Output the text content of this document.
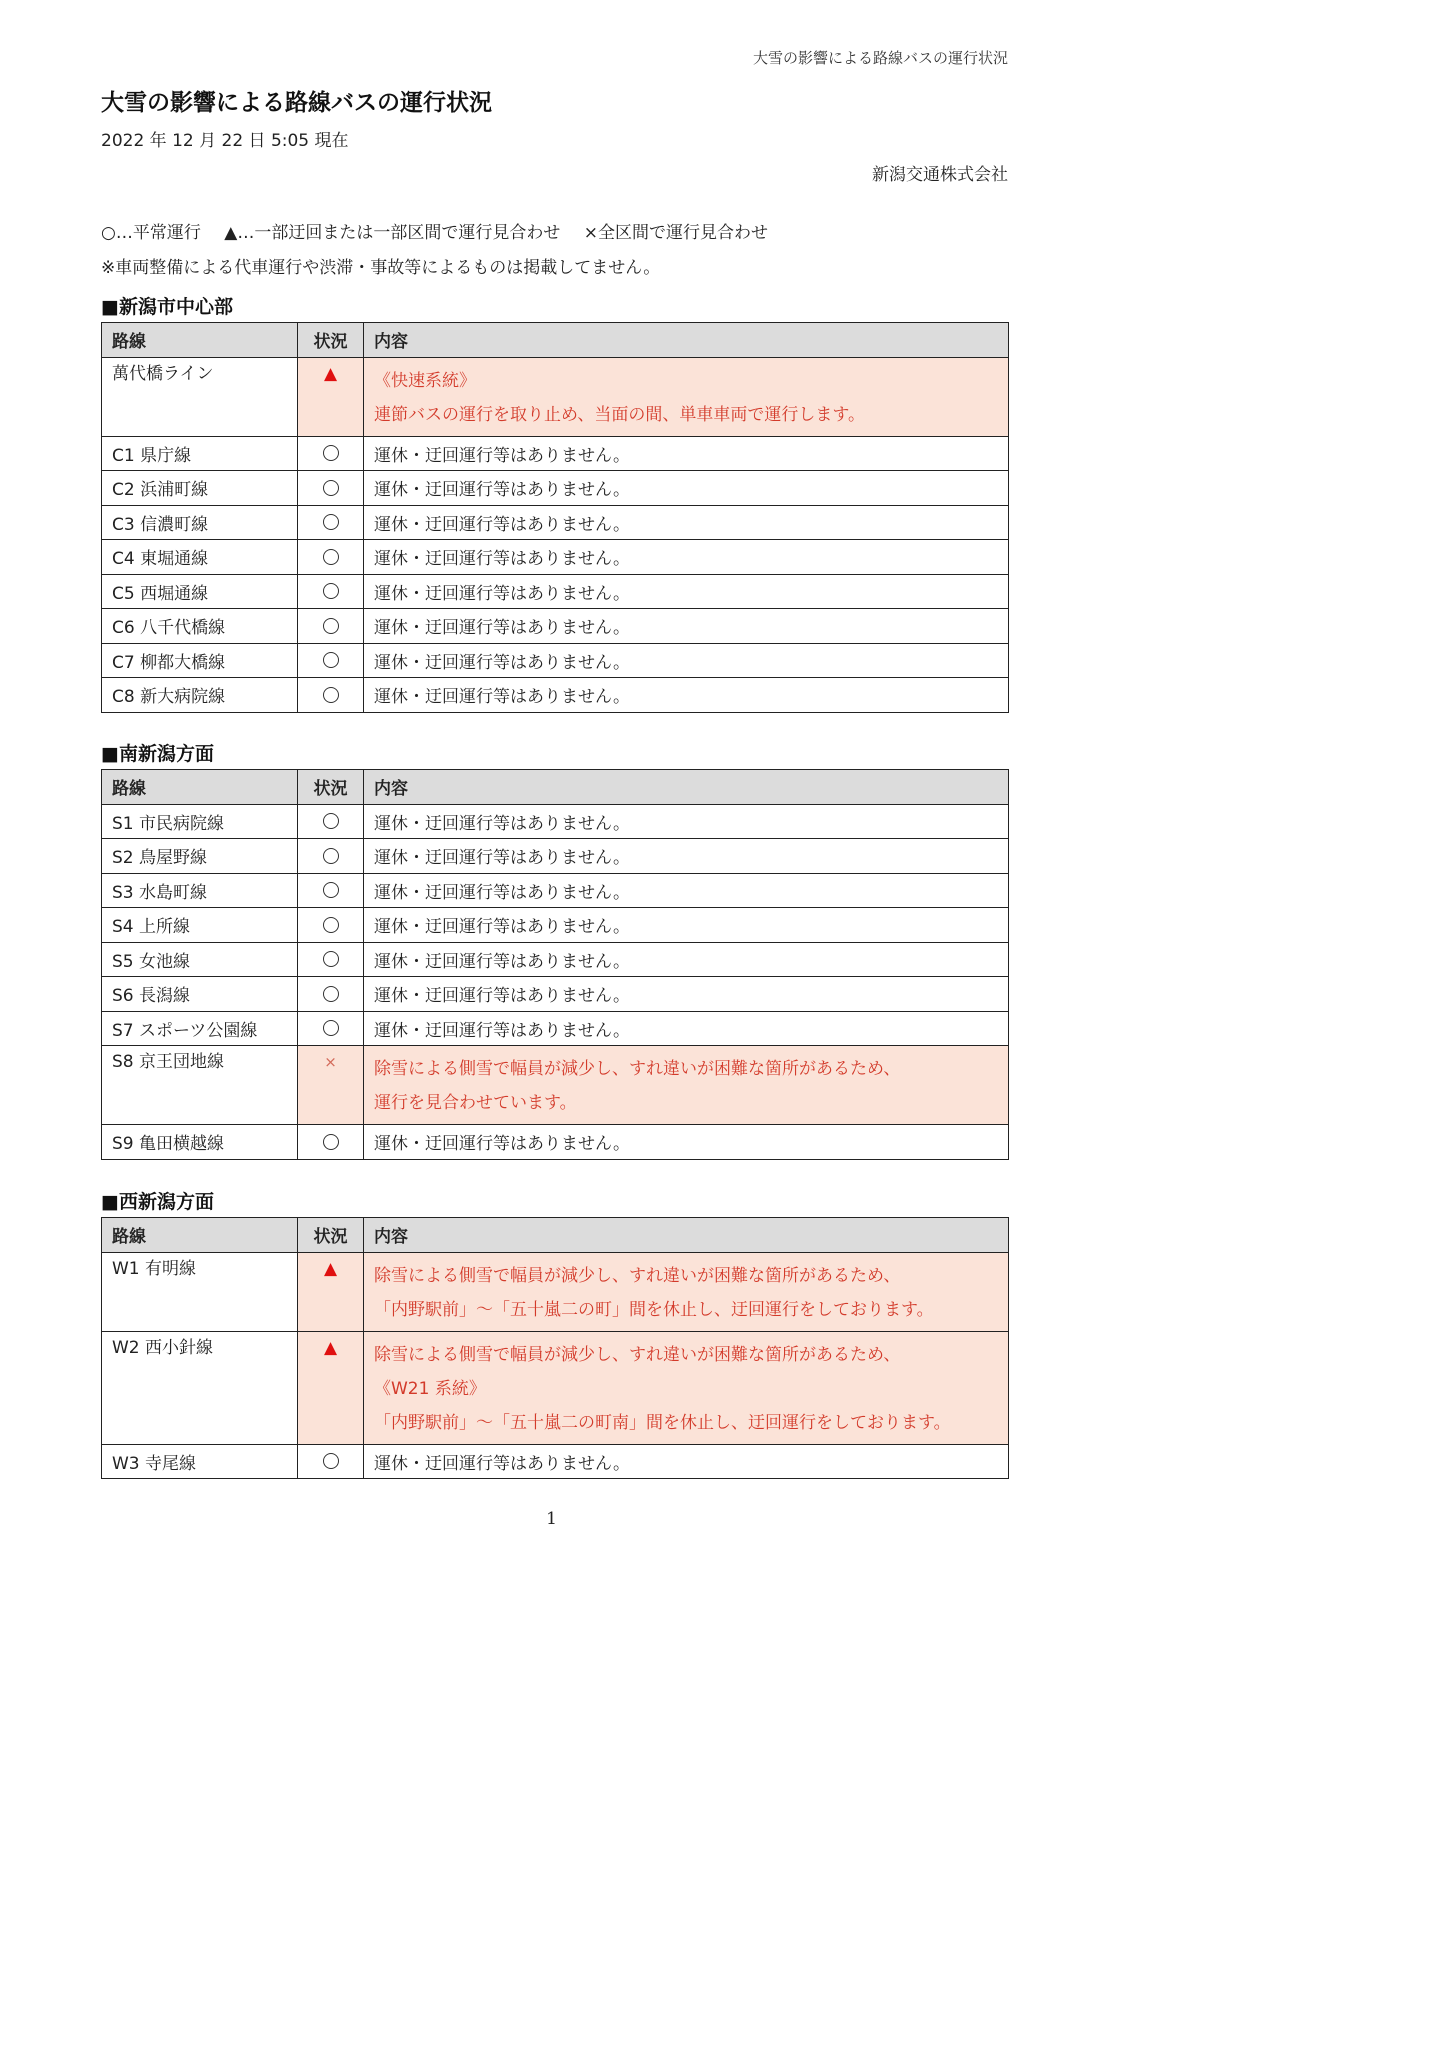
大雪の影響による路線バスの運行状況
大雪の影響による路線バスの運行状況
2022 年 12 月 22 日 5:05 現在
新潟交通株式会社
○…平常運行 ▲…一部迂回または一部区間で運行見合わせ ×全区間で運行見合わせ
※車両整備による代車運行や渋滞・事故等によるものは掲載してません。
■新潟市中心部
路線	状況	内容
萬代橋ライン	▲	《快速系統》
連節バスの運行を取り止め、当面の間、単車車両で運行します。

C1 県庁線		運休・迂回運行等はありません。

C2 浜浦町線		運休・迂回運行等はありません。

C3 信濃町線		運休・迂回運行等はありません。

C4 東堀通線		運休・迂回運行等はありません。

C5 西堀通線		運休・迂回運行等はありません。

C6 八千代橋線		運休・迂回運行等はありません。

C7 柳都大橋線		運休・迂回運行等はありません。

C8 新大病院線		運休・迂回運行等はありません。
■南新潟方面
路線	状況	内容
S1 市民病院線		運休・迂回運行等はありません。

S2 鳥屋野線		運休・迂回運行等はありません。

S3 水島町線		運休・迂回運行等はありません。

S4 上所線		運休・迂回運行等はありません。

S5 女池線		運休・迂回運行等はありません。

S6 長潟線		運休・迂回運行等はありません。

S7 スポーツ公園線		運休・迂回運行等はありません。

S8 京王団地線	×	除雪による側雪で幅員が減少し、すれ違いが困難な箇所があるため、
運行を見合わせています。

S9 亀田横越線		運休・迂回運行等はありません。
■西新潟方面
路線	状況	内容
W1 有明線	▲	除雪による側雪で幅員が減少し、すれ違いが困難な箇所があるため、
「内野駅前」～「五十嵐二の町」間を休止し、迂回運行をしております。

W2 西小針線	▲	除雪による側雪で幅員が減少し、すれ違いが困難な箇所があるため、
《W21 系統》
「内野駅前」～「五十嵐二の町南」間を休止し、迂回運行をしております。

W3 寺尾線		運休・迂回運行等はありません。
1
